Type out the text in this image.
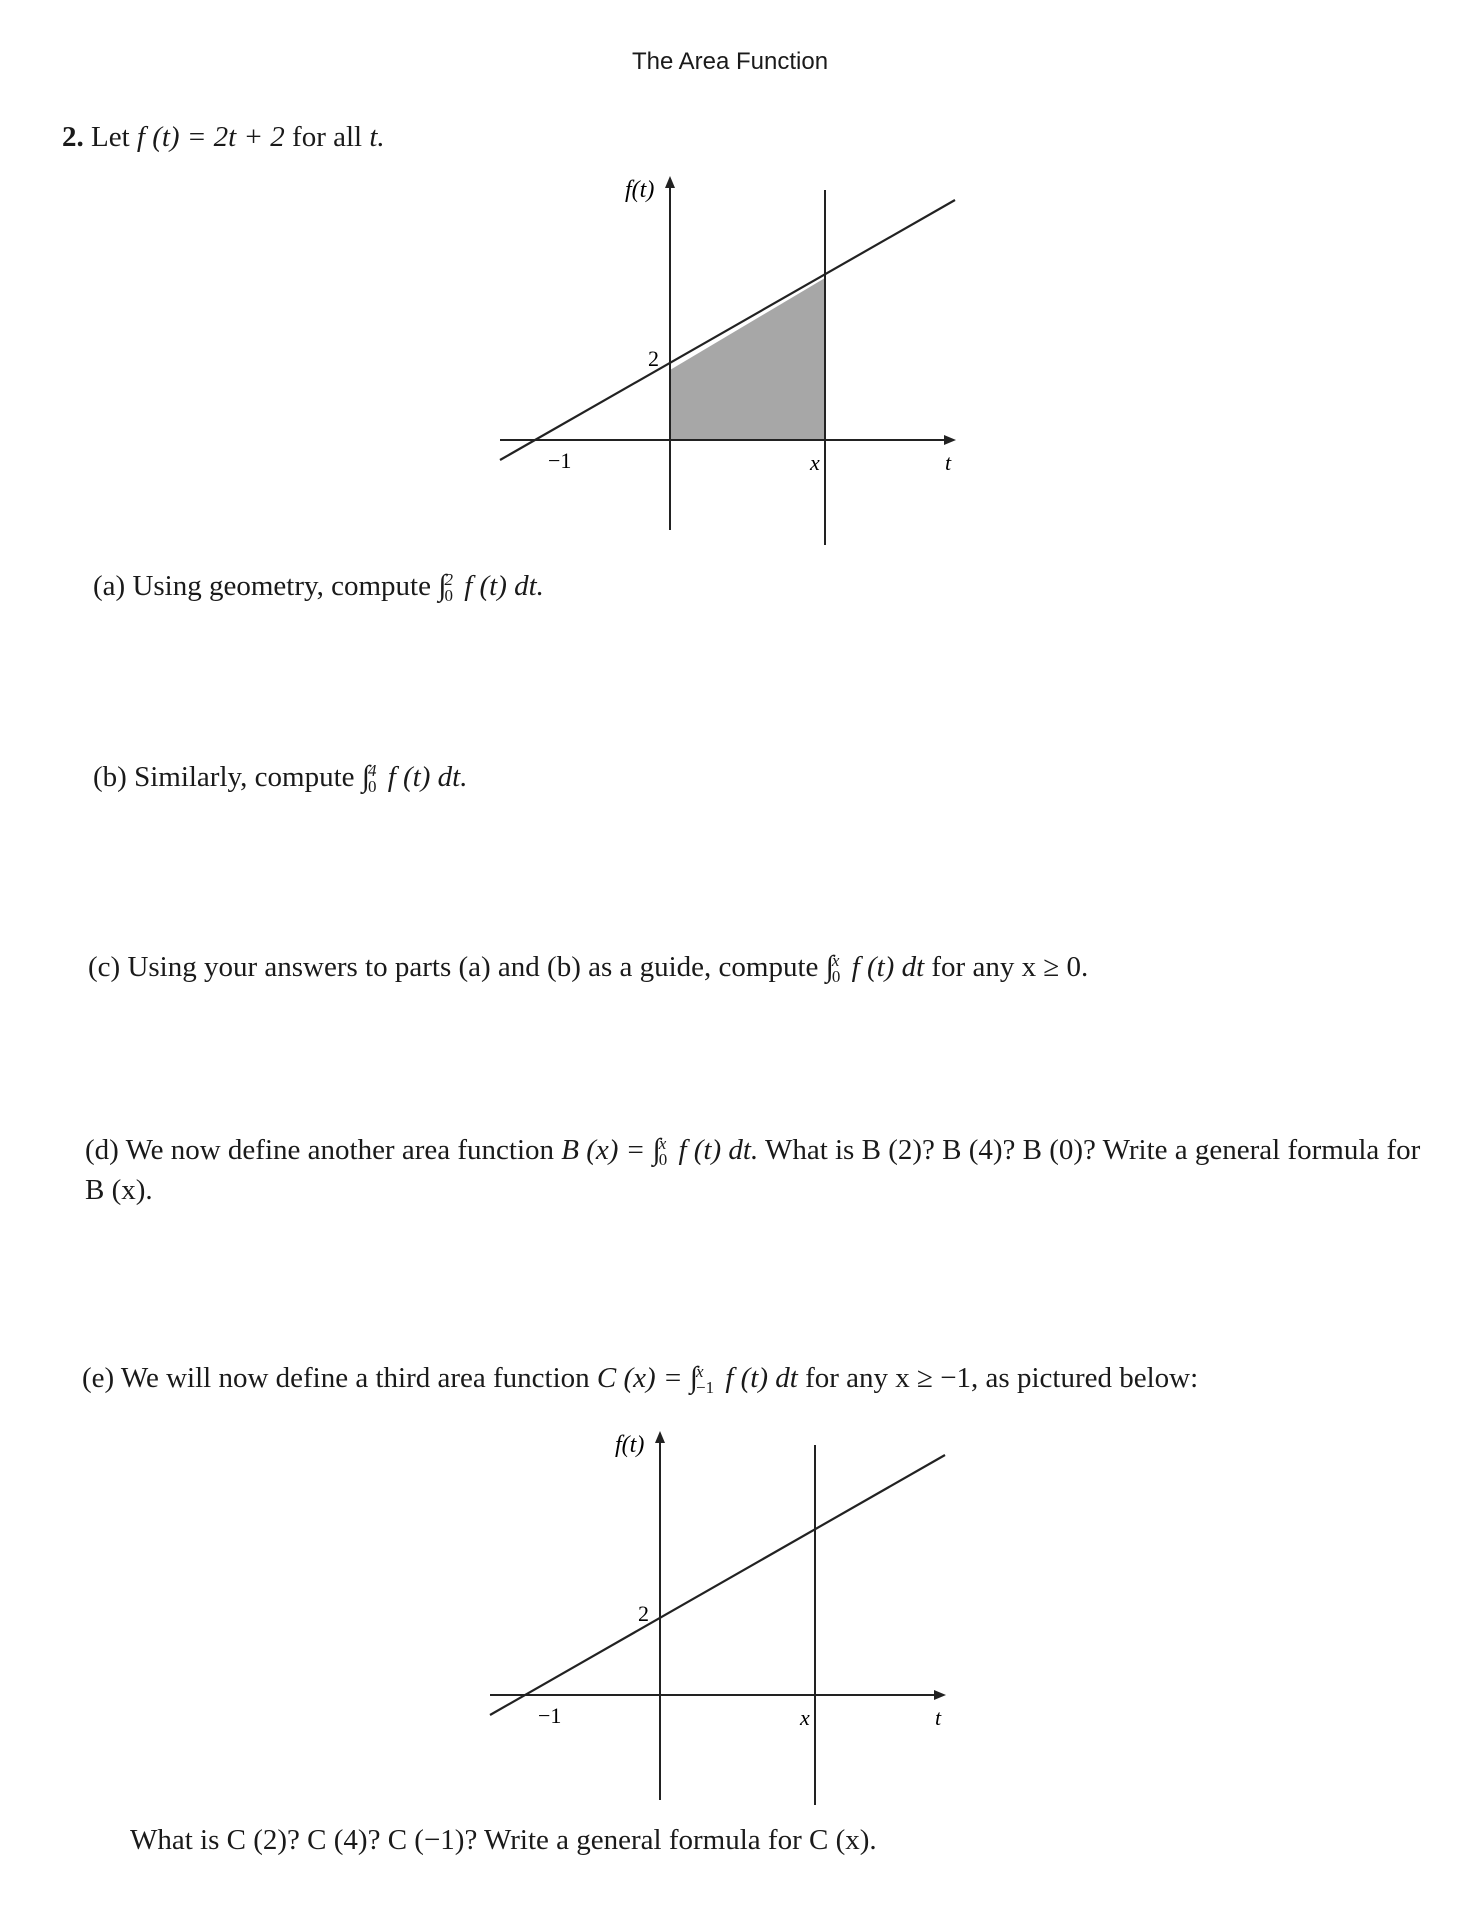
The Area Function
2. Let f (t) = 2t + 2 for all t.
f(t)
−1
2
x	t
(a) Using geometry, compute ∫
2
0 f (t) dt.
(b) Similarly, compute ∫
4
0 f (t) dt.
(c) Using your answers to parts (a) and (b) as a guide, compute ∫
x
0 f (t) dt for any x ≥ 0.
(d) We now define another area function B (x) = ∫
x
0 f (t) dt. What is B (2)? B (4)? B (0)? Write a general formula for B (x).
(e) We will now define a third area function C (x) = ∫
x
−1 f (t) dt for any x ≥ −1, as pictured below:
f(t)
−1
2
x	t
What is C (2)? C (4)? C (−1)? Write a general formula for C (x).
